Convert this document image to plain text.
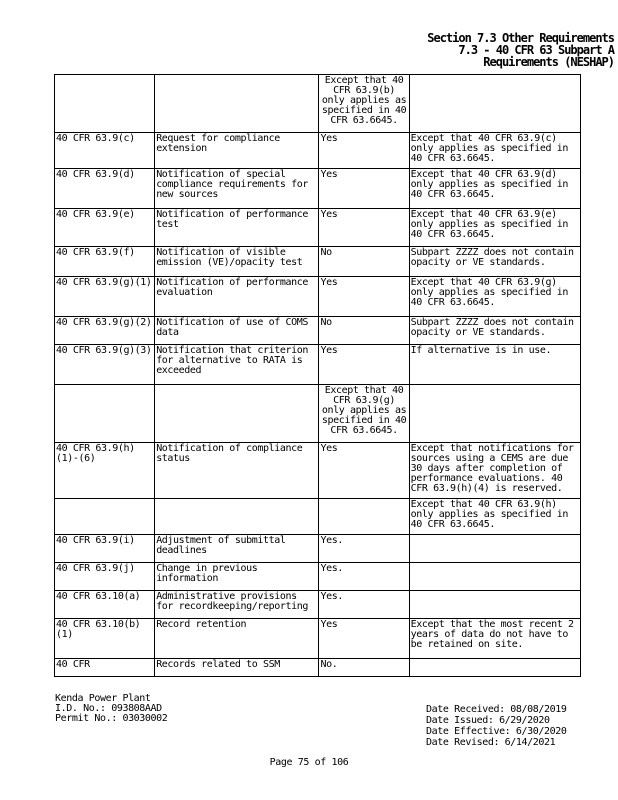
Section 7.3 Other Requirements
7.3 - 40 CFR 63 Subpart A
Requirements (NESHAP)
		Except that 40 CFR 63.9(b) only applies as specified in 40 CFR 63.6645.	
40 CFR 63.9(c)	Request for compliance extension	Yes	Except that 40 CFR 63.9(c) only applies as specified in 40 CFR 63.6645.
40 CFR 63.9(d)	Notification of special compliance requirements for new sources	Yes	Except that 40 CFR 63.9(d) only applies as specified in 40 CFR 63.6645.
40 CFR 63.9(e)	Notification of performance test	Yes	Except that 40 CFR 63.9(e) only applies as specified in 40 CFR 63.6645.
40 CFR 63.9(f)	Notification of visible emission (VE)/opacity test	No	Subpart ZZZZ does not contain opacity or VE standards.
40 CFR 63.9(g)(1)	Notification of performance evaluation	Yes	Except that 40 CFR 63.9(g) only applies as specified in 40 CFR 63.6645.
40 CFR 63.9(g)(2)	Notification of use of COMS data	No	Subpart ZZZZ does not contain opacity or VE standards.
40 CFR 63.9(g)(3)	Notification that criterion for alternative to RATA is exceeded	Yes	If alternative is in use.
		Except that 40 CFR 63.9(g) only applies as specified in 40 CFR 63.6645.	
40 CFR 63.9(h)(1)-(6)	Notification of compliance status	Yes	Except that notifications for sources using a CEMS are due 30 days after completion of performance evaluations. 40 CFR 63.9(h)(4) is reserved.
			Except that 40 CFR 63.9(h) only applies as specified in 40 CFR 63.6645.
40 CFR 63.9(i)	Adjustment of submittal deadlines	Yes.	
40 CFR 63.9(j)	Change in previous information	Yes.	
40 CFR 63.10(a)	Administrative provisions for recordkeeping/reporting	Yes.	
40 CFR 63.10(b)(1)	Record retention	Yes	Except that the most recent 2 years of data do not have to be retained on site.
40 CFR	Records related to SSM	No.	
Kenda Power Plant
I.D. No.: 093808AAD
Permit No.: 03030002
Date Received: 08/08/2019
Date Issued: 6/29/2020
Date Effective: 6/30/2020
Date Revised: 6/14/2021
Page 75 of 106
